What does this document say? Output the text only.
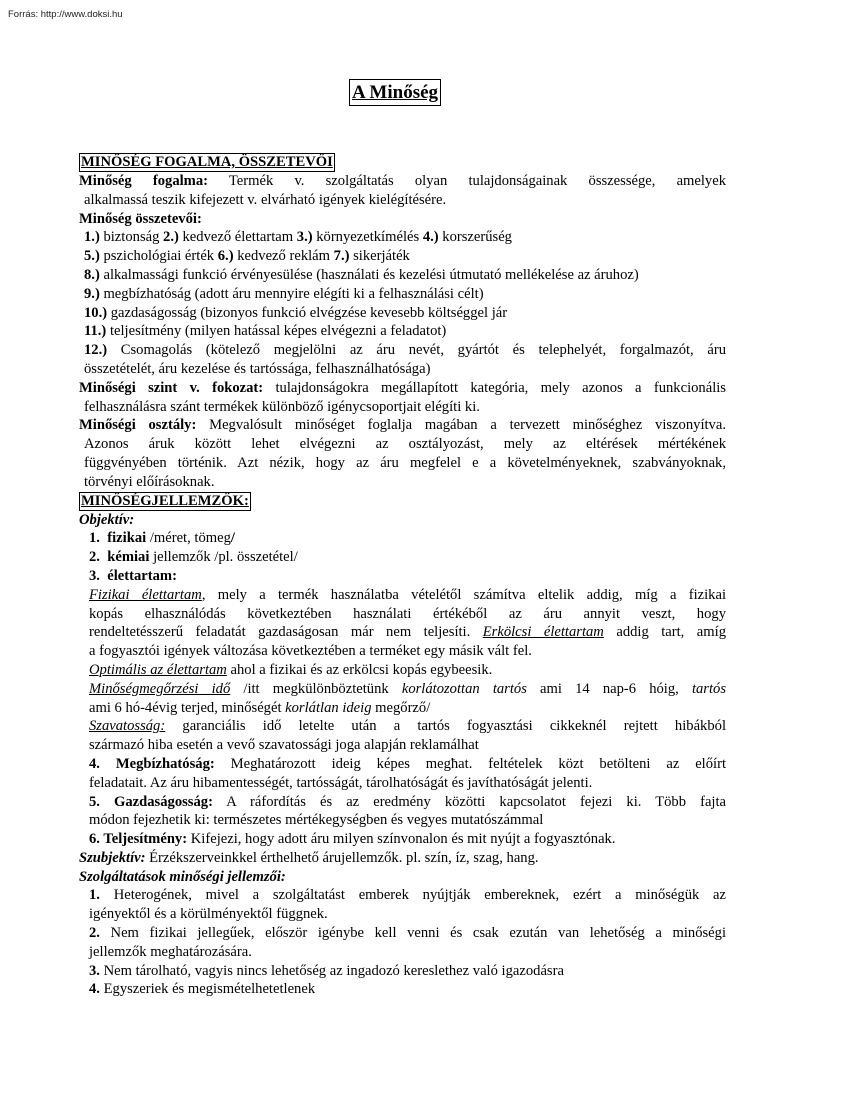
Forrás: http://www.doksi.hu
A Minőség

MINŐSÉG FOGALMA, ÖSSZETEVŐI

Minőség fogalma: Termék v. szolgáltatás olyan tulajdonságainak összessége, amelyek

alkalmassá teszik kifejezett v. elvárható igények kielégítésére.

Minőség összetevői:

1.) biztonság 2.) kedvező élettartam 3.) környezetkímélés 4.) korszerűség

5.) pszichológiai érték 6.) kedvező reklám 7.) sikerjáték

8.) alkalmassági funkció érvényesülése (használati és kezelési útmutató mellékelése az áruhoz)

9.) megbízhatóság (adott áru mennyire elégíti ki a felhasználási célt)

10.) gazdaságosság (bizonyos funkció elvégzése kevesebb költséggel jár

11.) teljesítmény (milyen hatással képes elvégezni a feladatot)

12.) Csomagolás (kötelező megjelölni az áru nevét, gyártót és telephelyét, forgalmazót, áru

összetételét, áru kezelése és tartóssága, felhasználhatósága)

Minőségi szint v. fokozat: tulajdonságokra megállapított kategória, mely azonos a funkcionális

felhasználásra szánt termékek különböző igénycsoportjait elégíti ki.

Minőségi osztály: Megvalósult minőséget foglalja magában a tervezett minőséghez viszonyítva.

Azonos áruk között lehet elvégezni az osztályozást, mely az eltérések mértékének

függvényében történik. Azt nézik, hogy az áru megfelel e a követelményeknek, szabványoknak,

törvényi előírásoknak.

MINŐSÉGJELLEMZŐK:

Objektív:

1. fizikai /méret, tömeg/

2. kémiai jellemzők /pl. összetétel/

3. élettartam:

Fizikai élettartam, mely a termék használatba vételétől számítva eltelik addig, míg a fizikai

kopás elhasználódás következtében használati értékéből az áru annyit veszt, hogy

rendeltetésszerű feladatát gazdaságosan már nem teljesíti. Erkölcsi élettartam addig tart, amíg

a fogyasztói igények változása következtében a terméket egy másik vált fel.

Optimális az élettartam ahol a fizikai és az erkölcsi kopás egybeesik.

Minőségmegőrzési idő /itt megkülönböztetünk korlátozottan tartós ami 14 nap-6 hóig, tartós

ami 6 hó-4évig terjed, minőségét korlátlan ideig megőrző/

Szavatosság: garanciális idő letelte után a tartós fogyasztási cikkeknél rejtett hibákból

származó hiba esetén a vevő szavatossági joga alapján reklamálhat

4. Megbízhatóság: Meghatározott ideig képes megħat. feltételek közt betölteni az előírt

feladatait. Az áru hibamentességét, tartósságát, tárolhatóságát és javíthatóságát jelenti.

5. Gazdaságosság: A ráfordítás és az eredmény közötti kapcsolatot fejezi ki. Több fajta

módon fejezhetik ki: természetes mértékegységben és vegyes mutatószámmal

6. Teljesítmény: Kifejezi, hogy adott áru milyen színvonalon és mit nyújt a fogyasztónak.

Szubjektív: Érzékszerveinkkel érthelhető árujellemzők. pl. szín, íz, szag, hang.

Szolgáltatások minőségi jellemzői:

1. Heterogének, mivel a szolgáltatást emberek nyújtják embereknek, ezért a minőségük az

igényektől és a körülményektől függnek.

2. Nem fizikai jellegűek, először igénybe kell venni és csak ezután van lehetőség a minőségi

jellemzők meghatározására.

3. Nem tárolható, vagyis nincs lehetőség az ingadozó kereslethez való igazodásra

4. Egyszeriek és megismételhetetlenek
